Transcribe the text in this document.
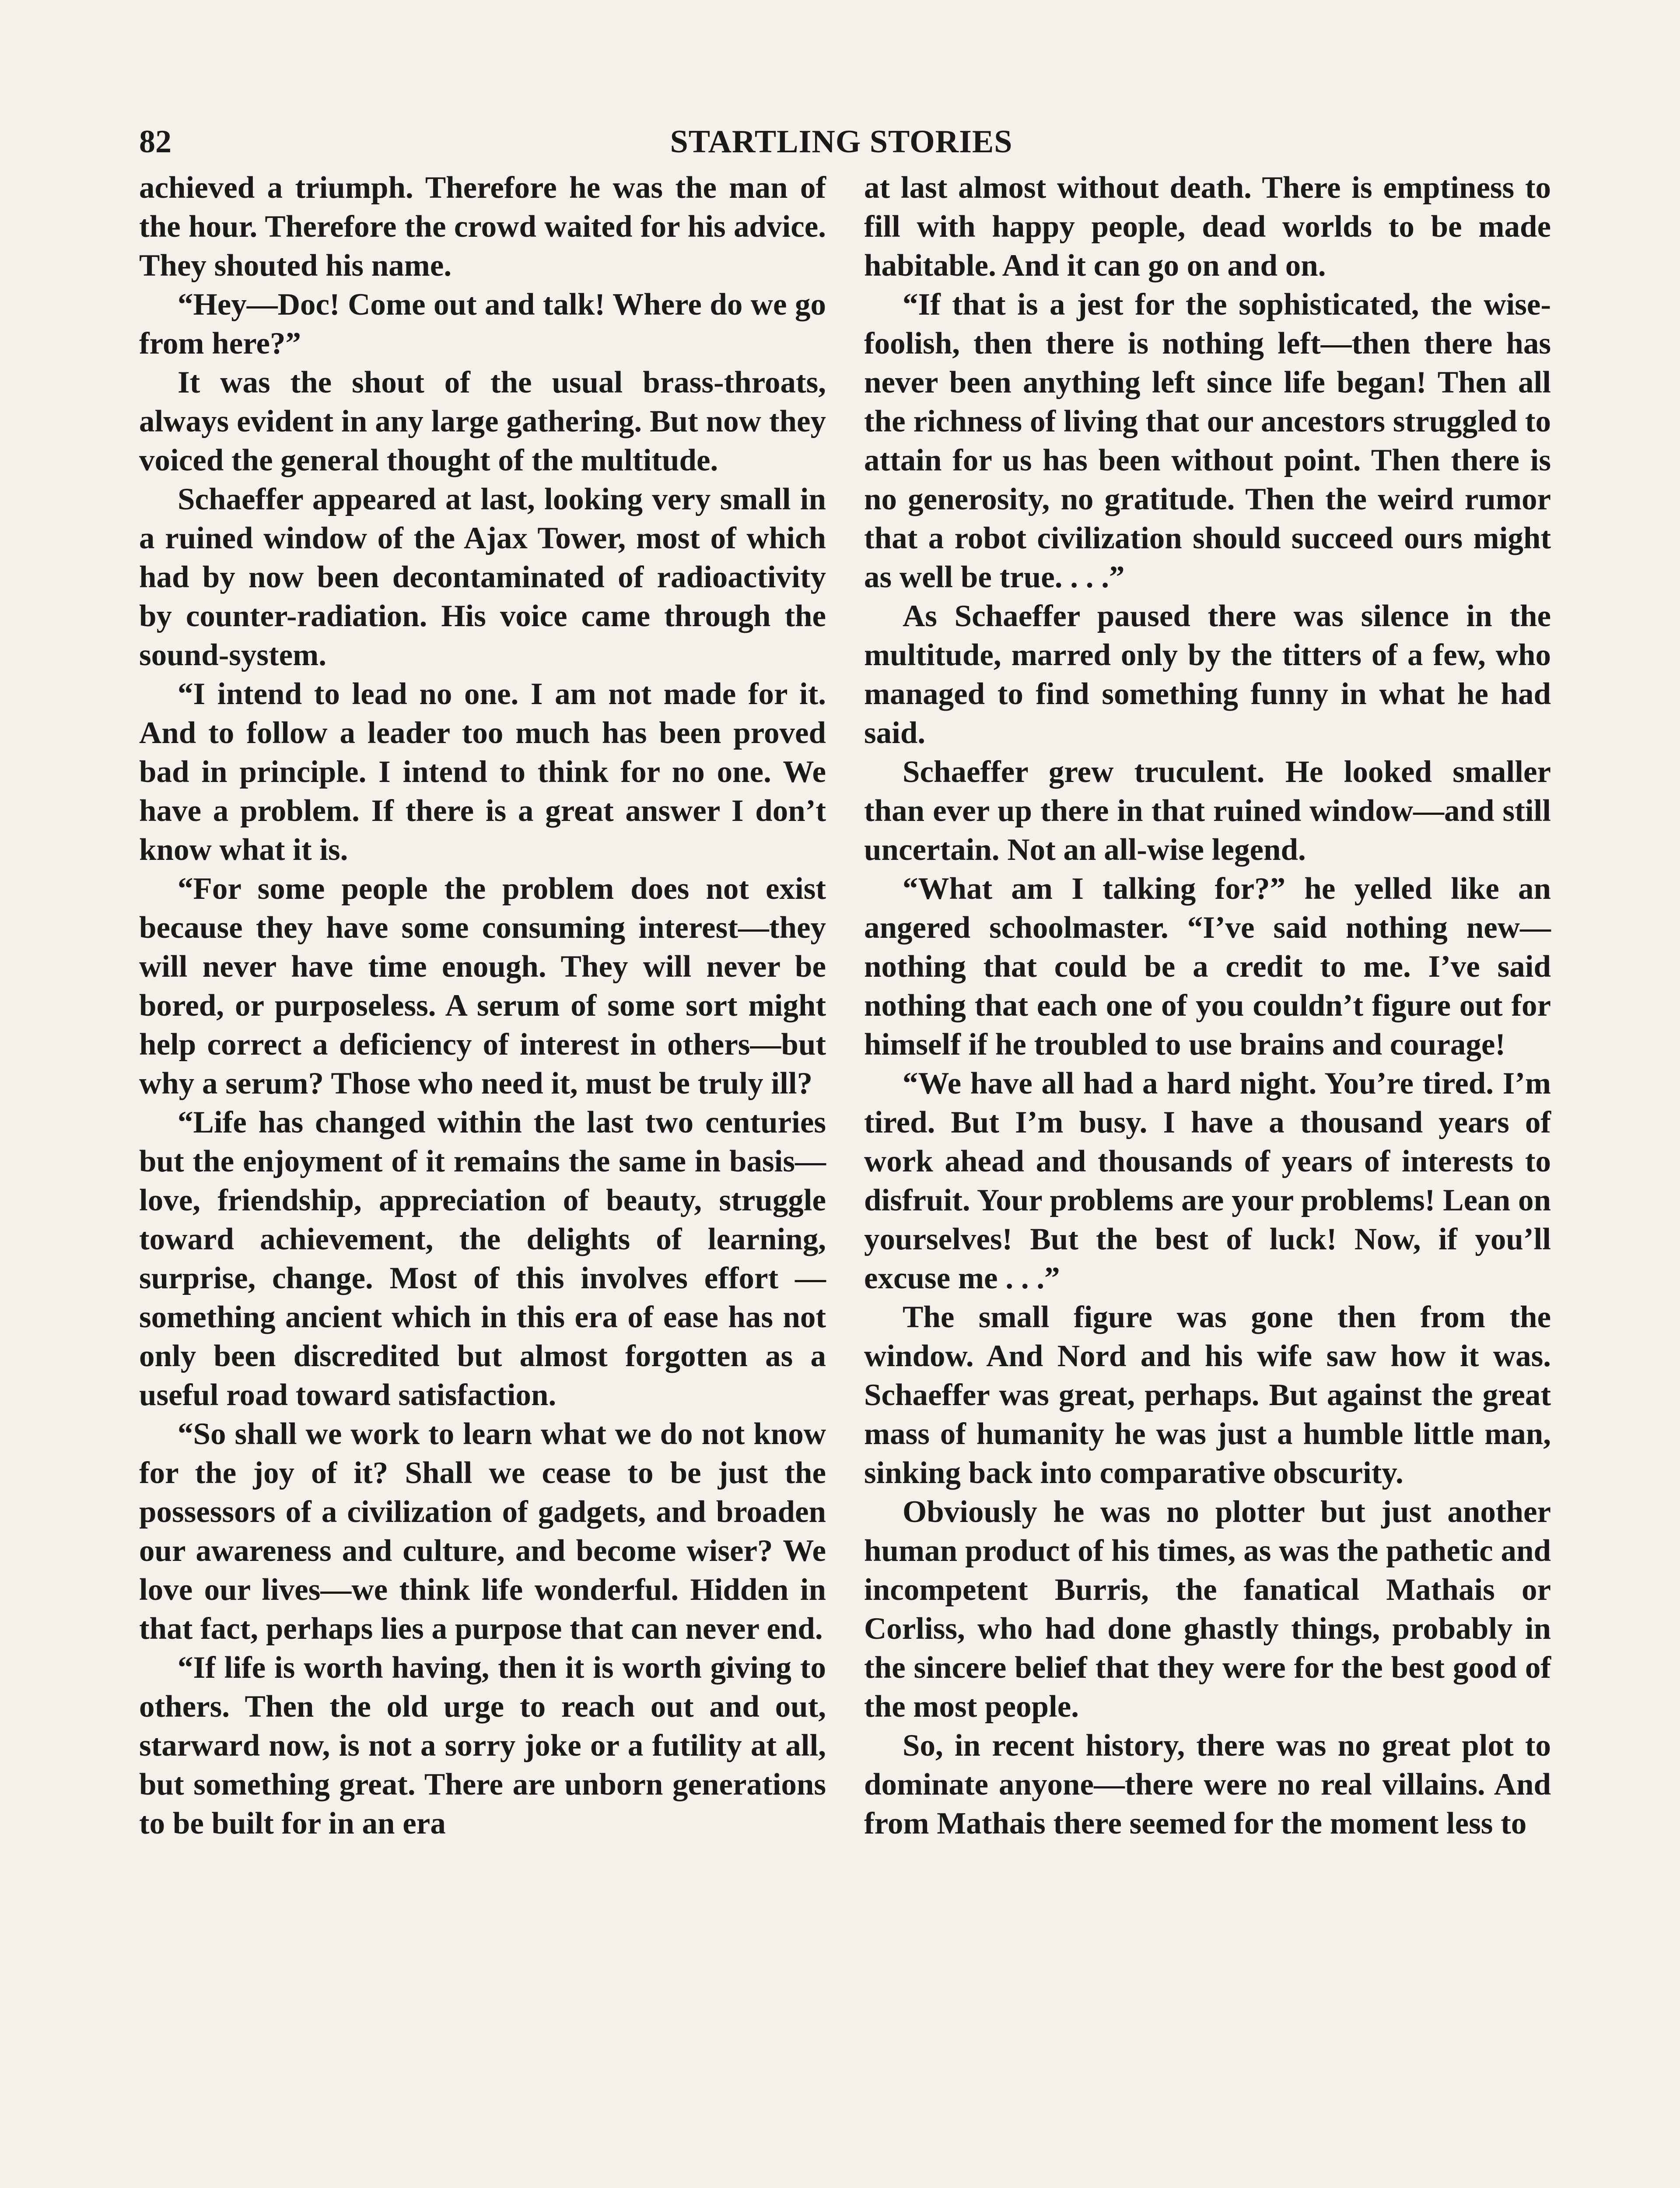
82	STARTLING STORIES

achieved a triumph. Therefore he was the man of the hour. Therefore the crowd waited for his advice. They shouted his name.

“Hey—Doc! Come out and talk! Where do we go from here?”

It was the shout of the usual brass-throats, always evident in any large gathering. But now they voiced the general thought of the multitude.

Schaeffer appeared at last, looking very small in a ruined window of the Ajax Tower, most of which had by now been decontaminated of radioactivity by counter-radiation. His voice came through the sound-system.

“I intend to lead no one. I am not made for it. And to follow a leader too much has been proved bad in principle. I intend to think for no one. We have a problem. If there is a great answer I don’t know what it is.

“For some people the problem does not exist because they have some consuming interest—they will never have time enough. They will never be bored, or purposeless. A serum of some sort might help correct a deficiency of interest in others—but why a serum? Those who need it, must be truly ill?

“Life has changed within the last two centuries but the enjoyment of it remains the same in basis—love, friendship, appreciation of beauty, struggle toward achievement, the delights of learning, surprise, change. Most of this involves effort — something ancient which in this era of ease has not only been discredited but almost forgotten as a useful road toward satisfaction.

“So shall we work to learn what we do not know for the joy of it? Shall we cease to be just the possessors of a civilization of gadgets, and broaden our awareness and culture, and become wiser? We love our lives—we think life wonderful. Hidden in that fact, perhaps lies a purpose that can never end.

“If life is worth having, then it is worth giving to others. Then the old urge to reach out and out, starward now, is not a sorry joke or a futility at all, but something great. There are unborn generations to be built for in an era

at last almost without death. There is emptiness to fill with happy people, dead worlds to be made habitable. And it can go on and on.

“If that is a jest for the sophisticated, the wise-foolish, then there is nothing left—then there has never been anything left since life began! Then all the richness of living that our ancestors struggled to attain for us has been without point. Then there is no generosity, no gratitude. Then the weird rumor that a robot civilization should succeed ours might as well be true. . . .”

As Schaeffer paused there was silence in the multitude, marred only by the titters of a few, who managed to find something funny in what he had said.

Schaeffer grew truculent. He looked smaller than ever up there in that ruined window—and still uncertain. Not an all-wise legend.

“What am I talking for?” he yelled like an angered schoolmaster. “I’ve said nothing new—nothing that could be a credit to me. I’ve said nothing that each one of you couldn’t figure out for himself if he troubled to use brains and courage!

“We have all had a hard night. You’re tired. I’m tired. But I’m busy. I have a thousand years of work ahead and thousands of years of interests to disfruit. Your problems are your problems! Lean on yourselves! But the best of luck! Now, if you’ll excuse me . . .”

The small figure was gone then from the window. And Nord and his wife saw how it was. Schaeffer was great, perhaps. But against the great mass of humanity he was just a humble little man, sinking back into comparative obscurity.

Obviously he was no plotter but just another human product of his times, as was the pathetic and incompetent Burris, the fanatical Mathais or Corliss, who had done ghastly things, probably in the sincere belief that they were for the best good of the most people.

So, in recent history, there was no great plot to dominate anyone—there were no real villains. And from Mathais there seemed for the moment less to
